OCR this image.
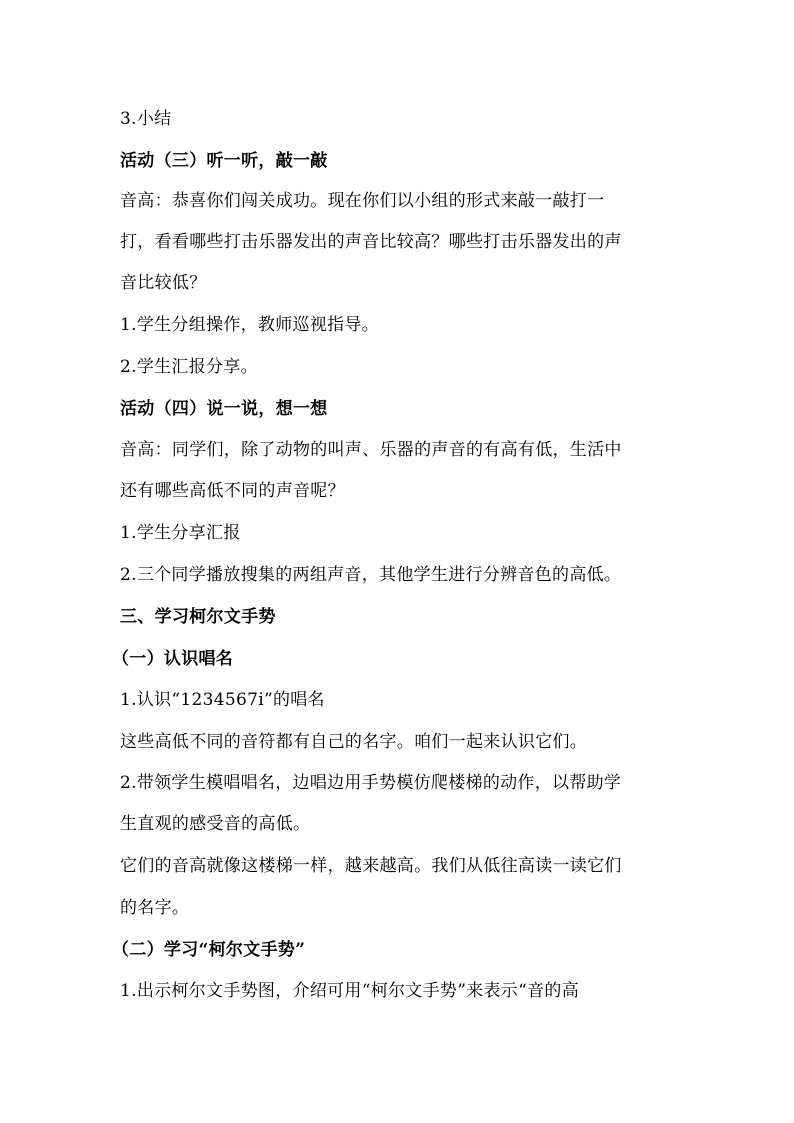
3.小结
活动（三）听一听，敲一敲
音高：恭喜你们闯关成功。现在你们以小组的形式来敲一敲打一
打，看看哪些打击乐器发出的声音比较高？哪些打击乐器发出的声
音比较低？
1.学生分组操作，教师巡视指导。
2.学生汇报分享。
活动（四）说一说，想一想
音高：同学们，除了动物的叫声、乐器的声音的有高有低，生活中
还有哪些高低不同的声音呢？
1.学生分享汇报
2.三个同学播放搜集的两组声音，其他学生进行分辨音色的高低。
三、学习柯尔文手势
（一）认识唱名
1.认识“1234567i̇”的唱名
这些高低不同的音符都有自己的名字。咱们一起来认识它们。
2.带领学生模唱唱名，边唱边用手势模仿爬楼梯的动作，以帮助学
生直观的感受音的高低。
它们的音高就像这楼梯一样，越来越高。我们从低往高读一读它们
的名字。
（二）学习“柯尔文手势”
1.出示柯尔文手势图，介绍可用“柯尔文手势”来表示“音的高
